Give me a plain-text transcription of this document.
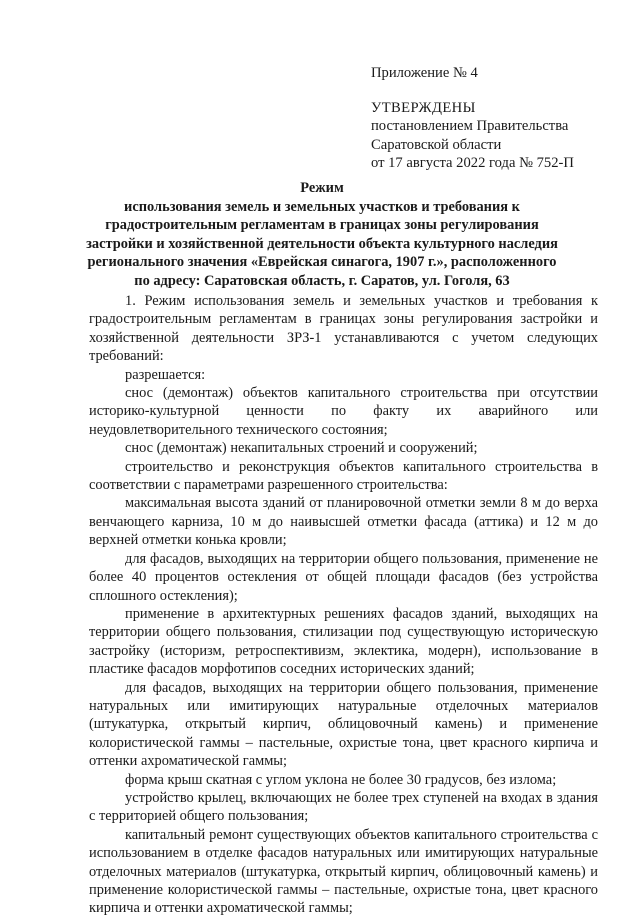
Приложение № 4
УТВЕРЖДЕНЫ
постановлением Правительства
Саратовской области
от 17 августа 2022 года № 752-П
Режим
использования земель и земельных участков и требования к градостроительным регламентам в границах зоны регулирования застройки и хозяйственной деятельности объекта культурного наследия регионального значения «Еврейская синагога, 1907 г.», расположенного по адресу: Саратовская область, г. Саратов, ул. Гоголя, 63

1. Режим использования земель и земельных участков и требования к градостроительным регламентам в границах зоны регулирования застройки и хозяйственной деятельности ЗРЗ-1 устанавливаются с учетом следующих требований:

разрешается:

снос (демонтаж) объектов капитального строительства при отсутствии историко-культурной ценности по факту их аварийного или неудовлетворительного технического состояния;

снос (демонтаж) некапитальных строений и сооружений;

строительство и реконструкция объектов капитального строительства в соответствии с параметрами разрешенного строительства:

максимальная высота зданий от планировочной отметки земли 8 м до верха венчающего карниза, 10 м до наивысшей отметки фасада (аттика) и 12 м до верхней отметки конька кровли;

для фасадов, выходящих на территории общего пользования, применение не более 40 процентов остекления от общей площади фасадов (без устройства сплошного остекления);

применение в архитектурных решениях фасадов зданий, выходящих на территории общего пользования, стилизации под существующую историческую застройку (историзм, ретроспективизм, эклектика, модерн), использование в пластике фасадов морфотипов соседних исторических зданий;

для фасадов, выходящих на территории общего пользования, применение натуральных или имитирующих натуральные отделочных материалов (штукатурка, открытый кирпич, облицовочный камень) и применение колористической гаммы – пастельные, охристые тона, цвет красного кирпича и оттенки ахроматической гаммы;

форма крыш скатная с углом уклона не более 30 градусов, без излома;

устройство крылец, включающих не более трех ступеней на входах в здания с территорией общего пользования;

капитальный ремонт существующих объектов капитального строительства с использованием в отделке фасадов натуральных или имитирующих натуральные отделочных материалов (штукатурка, открытый кирпич, облицовочный камень) и применение колористической гаммы – пастельные, охристые тона, цвет красного кирпича и оттенки ахроматической гаммы;
